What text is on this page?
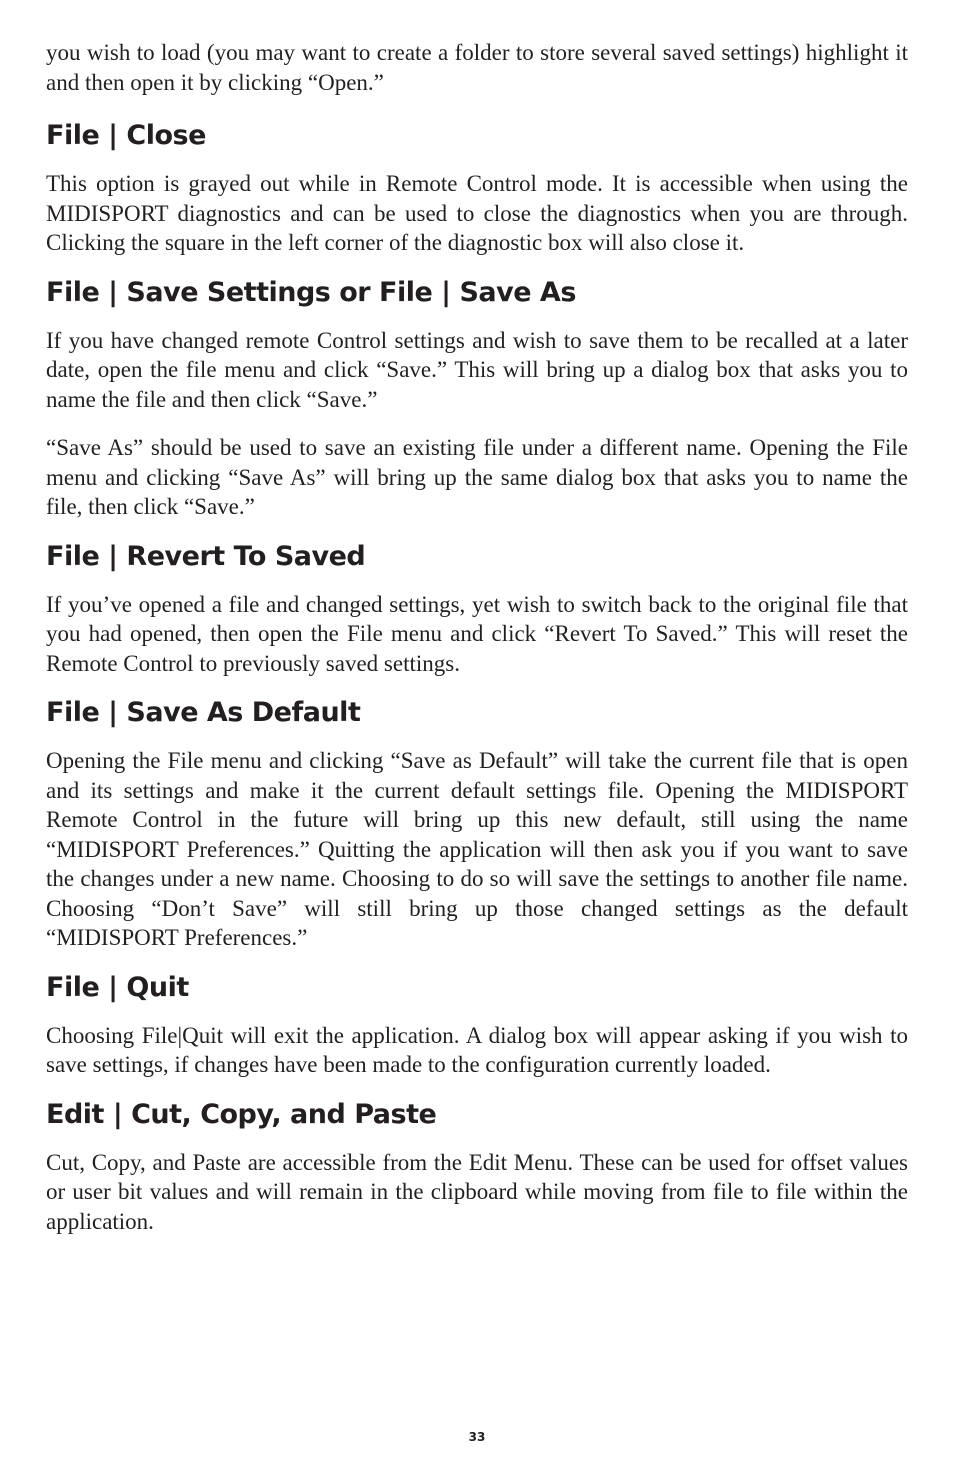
you wish to load (you may want to create a folder to store several saved settings) highlight it and then open it by clicking “Open.”

File | Close

This option is grayed out while in Remote Control mode. It is accessible when using the MIDISPORT diagnostics and can be used to close the diagnostics when you are through. Clicking the square in the left corner of the diagnostic box will also close it.

File | Save Settings or File | Save As

If you have changed remote Control settings and wish to save them to be recalled at a later date, open the file menu and click “Save.” This will bring up a dialog box that asks you to name the file and then click “Save.”

“Save As” should be used to save an existing file under a different name. Opening the File menu and clicking “Save As” will bring up the same dialog box that asks you to name the file, then click “Save.”

File | Revert To Saved

If you’ve opened a file and changed settings, yet wish to switch back to the original file that you had opened, then open the File menu and click “Revert To Saved.” This will reset the Remote Control to previously saved settings.

File | Save As Default

Opening the File menu and clicking “Save as Default” will take the current file that is open and its settings and make it the current default settings file. Opening the MIDISPORT Remote Control in the future will bring up this new default, still using the name “MIDISPORT Preferences.” Quitting the application will then ask you if you want to save the changes under a new name. Choosing to do so will save the settings to another file name. Choosing “Don’t Save” will still bring up those changed settings as the default “MIDISPORT Preferences.”

File | Quit

Choosing File|Quit will exit the application. A dialog box will appear asking if you wish to save settings, if changes have been made to the configuration currently loaded.

Edit | Cut, Copy, and Paste

Cut, Copy, and Paste are accessible from the Edit Menu. These can be used for offset values or user bit values and will remain in the clipboard while moving from file to file within the application.

33
